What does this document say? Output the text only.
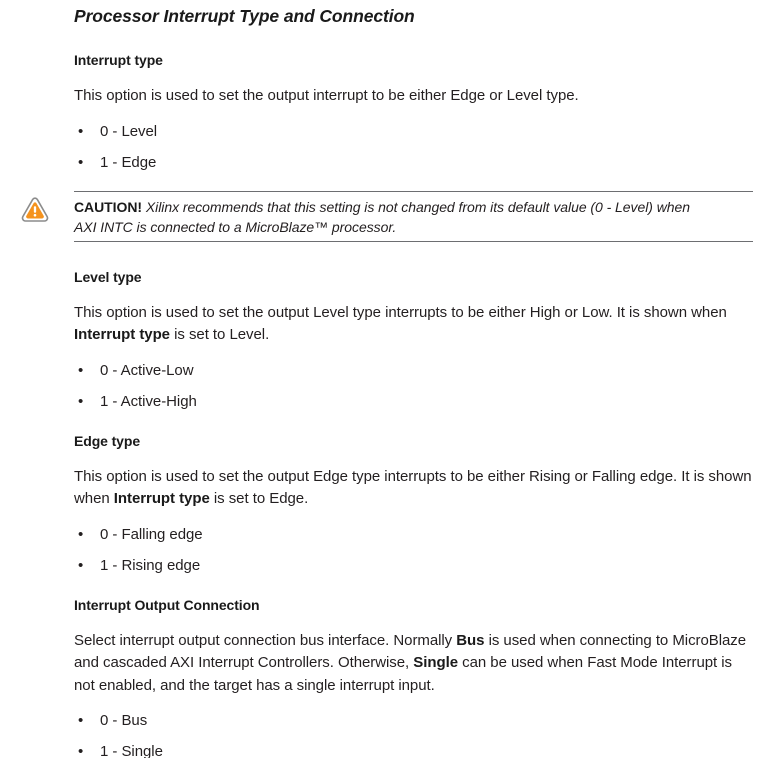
Processor Interrupt Type and Connection
Interrupt type
This option is used to set the output interrupt to be either Edge or Level type.
• 0 - Level
• 1 - Edge
CAUTION! Xilinx recommends that this setting is not changed from its default value (0 - Level) when
AXI INTC is connected to a MicroBlaze™ processor.
Level type
This option is used to set the output Level type interrupts to be either High or Low. It is shown when Interrupt type is set to Level.
• 0 - Active-Low
• 1 - Active-High
Edge type
This option is used to set the output Edge type interrupts to be either Rising or Falling edge. It is shown when Interrupt type is set to Edge.
• 0 - Falling edge
• 1 - Rising edge
Interrupt Output Connection
Select interrupt output connection bus interface. Normally Bus is used when connecting to MicroBlaze and cascaded AXI Interrupt Controllers. Otherwise, Single can be used when Fast Mode Interrupt is not enabled, and the target has a single interrupt input.
• 0 - Bus
• 1 - Single
